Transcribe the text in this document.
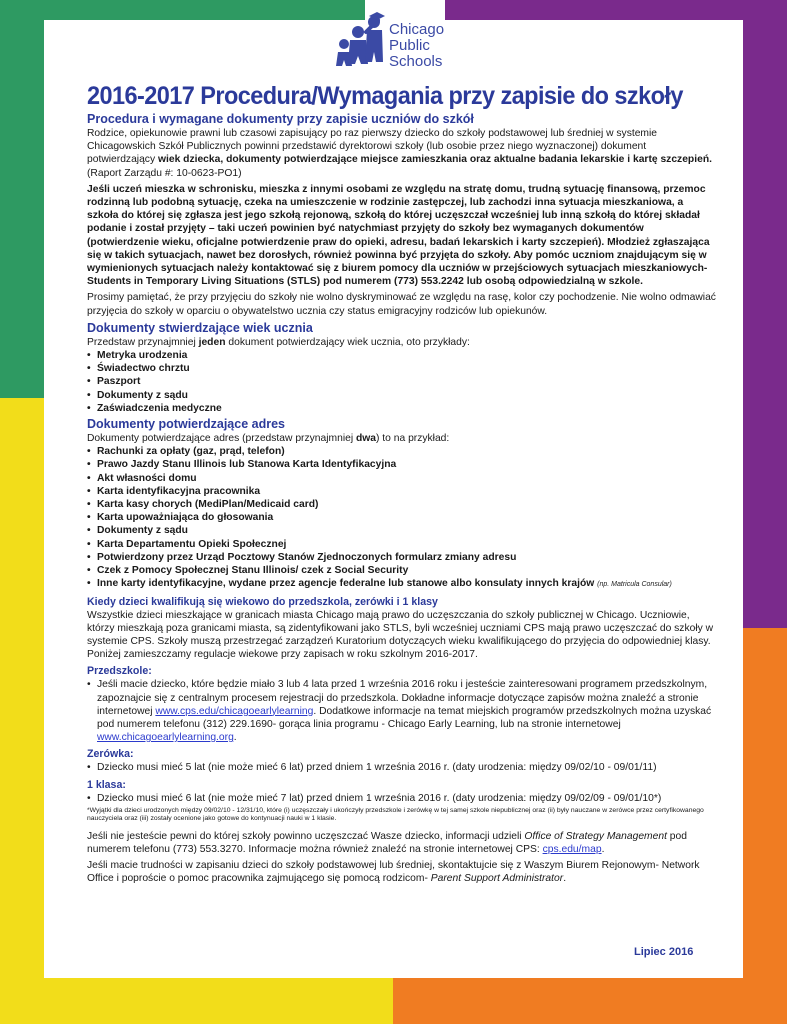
Chicago
Public
Schools
2016-2017 Procedura/Wymagania przy zapisie do szkoły
Procedura i wymagane dokumenty przy zapisie uczniów do szkół

Rodzice, opiekunowie prawni lub czasowi zapisujący po raz pierwszy dziecko do szkoły podstawowej lub średniej w systemie Chicagowskich Szkół Publicznych powinni przedstawić dyrektorowi szkoły (lub osobie przez niego wyznaczonej) dokument potwierdzający wiek dziecka, dokumenty potwierdzające miejsce zamieszkania oraz aktualne badania lekarskie i kartę szczepień. (Raport Zarządu #: 10-0623-PO1)

Jeśli uczeń mieszka w schronisku, mieszka z innymi osobami ze względu na stratę domu, trudną sytuację finansową, przemoc rodzinną lub podobną sytuację, czeka na umieszczenie w rodzinie zastępczej, lub zachodzi inna sytuacja mieszkaniowa, a szkoła do której się zgłasza jest jego szkołą rejonową, szkołą do której uczęszczał wcześniej lub inną szkołą do której składał podanie i został przyjęty – taki uczeń powinien być natychmiast przyjęty do szkoły bez wymaganych dokumentów (potwierdzenie wieku, oficjalne potwierdzenie praw do opieki, adresu, badań lekarskich i karty szczepień). Młodzież zgłaszająca się w takich sytuacjach, nawet bez dorosłych, również powinna być przyjęta do szkoły. Aby pomóc uczniom znajdującym się w wymienionych sytuacjach należy kontaktować się z biurem pomocy dla uczniów w przejściowych sytuacjach mieszkaniowych- Students in Temporary Living Situations (STLS) pod numerem (773) 553.2242 lub osobą odpowiedzialną w szkole.

Prosimy pamiętać, że przy przyjęciu do szkoły nie wolno dyskryminować ze względu na rasę, kolor czy pochodzenie. Nie wolno odmawiać przyjęcia do szkoły w oparciu o obywatelstwo ucznia czy status emigracyjny rodziców lub opiekunów.

Dokumenty stwierdzające wiek ucznia
Przedstaw przynajmniej jeden dokument potwierdzający wiek ucznia, oto przykłady:
• Metryka urodzenia
• Świadectwo chrztu
• Paszport
• Dokumenty z sądu
• Zaświadczenia medyczne
Dokumenty potwierdzające adres
Dokumenty potwierdzające adres (przedstaw przynajmniej dwa) to na przykład:
• Rachunki za opłaty (gaz, prąd, telefon)
• Prawo Jazdy Stanu Illinois lub Stanowa Karta Identyfikacyjna
• Akt własności domu
• Karta identyfikacyjna pracownika
• Karta kasy chorych (MediPlan/Medicaid card)
• Karta upoważniająca do głosowania
• Dokumenty z sądu
• Karta Departamentu Opieki Społecznej
• Potwierdzony przez Urząd Pocztowy Stanów Zjednoczonych formularz zmiany adresu
• Czek z Pomocy Społecznej Stanu Illinois/ czek z Social Security
• Inne karty identyfikacyjne, wydane przez agencje federalne lub stanowe albo konsulaty innych krajów (np. Matricula Consular)
Kiedy dzieci kwalifikują się wiekowo do przedszkola, zerówki i 1 klasy

Wszystkie dzieci mieszkające w granicach miasta Chicago mają prawo do uczęszczania do szkoły publicznej w Chicago. Uczniowie, którzy mieszkają poza granicami miasta, są zidentyfikowani jako STLS, byli wcześniej uczniami CPS mają prawo uczęszczać do szkoły w systemie CPS. Szkoły muszą przestrzegać zarządzeń Kuratorium dotyczących wieku kwalifikującego do przyjęcia do odpowiedniej klasy. Poniżej zamieszczamy regulacje wiekowe przy zapisach w roku szkolnym 2016-2017.

Przedszkole:
• Jeśli macie dziecko, które będzie miało 3 lub 4 lata przed 1 września 2016 roku i jesteście zainteresowani programem przedszkolnym, zapoznajcie się z centralnym procesem rejestracji do przedszkola. Dokładne informacje dotyczące zapisów można znaleźć a stronie internetowej www.cps.edu/chicagoearlylearning. Dodatkowe informacje na temat miejskich programów przedszkolnych można uzyskać pod numerem telefonu (312) 229.1690- gorąca linia programu - Chicago Early Learning, lub na stronie internetowej www.chicagoearlylearning.org.
Zerówka:
• Dziecko musi mieć 5 lat (nie może mieć 6 lat) przed dniem 1 września 2016 r. (daty urodzenia: między 09/02/10 - 09/01/11)
1 klasa:
• Dziecko musi mieć 6 lat (nie może mieć 7 lat) przed dniem 1 września 2016 r. (daty urodzenia: między 09/02/09 - 09/01/10*)

*Wyjątki dla dzieci urodzonych między 09/02/10 - 12/31/10, które (i) uczęszczały i ukończyły przedszkole i zerówkę w tej samej szkole niepublicznej oraz (ii) były nauczane w zerówce przez certyfikowanego nauczyciela oraz (iii) zostały ocenione jako gotowe do kontynuacji nauki w 1 klasie.

Jeśli nie jesteście pewni do której szkoły powinno uczęszczać Wasze dziecko, informacji udzieli Office of Strategy Management pod numerem telefonu (773) 553.3270. Informacje można również znaleźć na stronie internetowej CPS: cps.edu/map.

Jeśli macie trudności w zapisaniu dzieci do szkoły podstawowej lub średniej, skontaktujcie się z Waszym Biurem Rejonowym- Network Office i poproście o pomoc pracownika zajmującego się pomocą rodzicom- Parent Support Administrator.

Lipiec 2016
